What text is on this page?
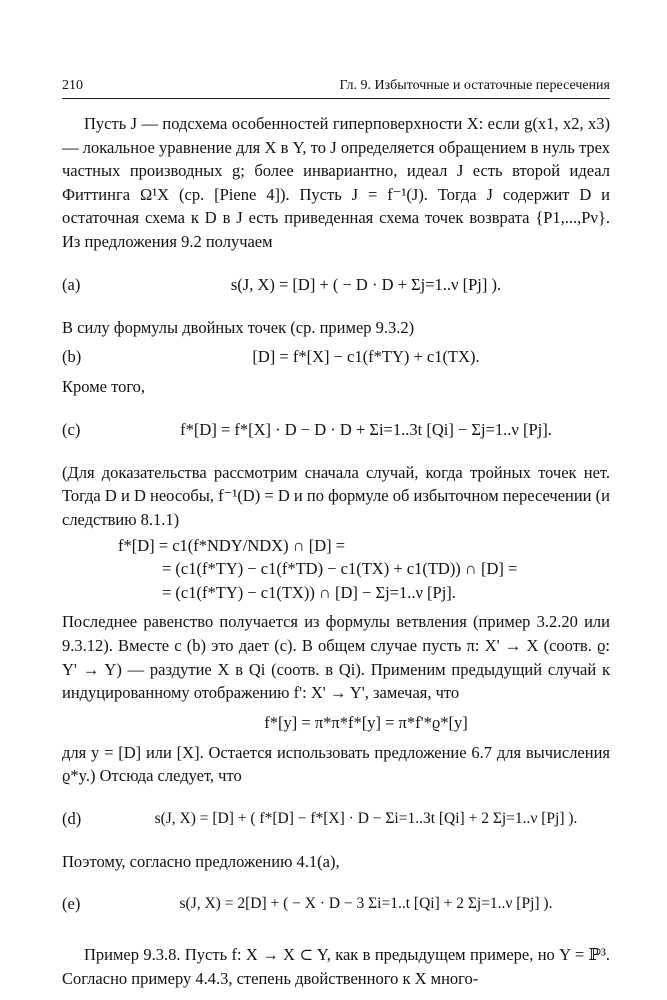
210	Гл. 9. Избыточные и остаточные пересечения

Пусть J — подсхема особенностей гиперповерхности X: если g(x1, x2, x3) — локальное уравнение для X в Y, то J определяется обращением в нуль трех частных производных g; более инвариантно, идеал J есть второй идеал Фиттинга Ω¹X (ср. [Piene 4]). Пусть J = f⁻¹(J). Тогда J содержит D и остаточная схема к D в J есть приведенная схема точек возврата {P1,...,Pν}. Из предложения 9.2 получаем

(a)	s(J, X) = [D] + ( − D · D + Σj=1..ν [Pj] ).

В силу формулы двойных точек (ср. пример 9.3.2)

(b)	[D] = f*[X] − c1(f*TY) + c1(TX).

Кроме того,

(c)	f*[D] = f*[X] · D − D · D + Σi=1..3t [Qi] − Σj=1..ν [Pj].

(Для доказательства рассмотрим сначала случай, когда тройных точек нет. Тогда D и D неособы, f⁻¹(D) = D и по формуле об избыточном пересечении (и следствию 8.1.1)

f*[D] = c1(f*NDY/NDX) ∩ [D] =
= (c1(f*TY) − c1(f*TD) − c1(TX) + c1(TD)) ∩ [D] =
= (c1(f*TY) − c1(TX)) ∩ [D] − Σj=1..ν [Pj].

Последнее равенство получается из формулы ветвления (пример 3.2.20 или 9.3.12). Вместе с (b) это дает (c). В общем случае пусть π: X' → X (соотв. ϱ: Y' → Y) — раздутие X в Qi (соотв. в Qi). Применим предыдущий случай к индуцированному отображению f': X' → Y', замечая, что

f*[y] = π*π*f*[y] = π*f'*ϱ*[y]

для y = [D] или [X]. Остается использовать предложение 6.7 для вычисления ϱ*y.) Отсюда следует, что

(d)	s(J, X) = [D] + ( f*[D] − f*[X] · D − Σi=1..3t [Qi] + 2 Σj=1..ν [Pj] ).

Поэтому, согласно предложению 4.1(a),

(e)	s(J, X) = 2[D] + ( − X · D − 3 Σi=1..t [Qi] + 2 Σj=1..ν [Pj] ).

Пример 9.3.8. Пусть f: X → X ⊂ Y, как в предыдущем примере, но Y = ℙ³. Согласно примеру 4.4.3, степень двойственного к X много-
